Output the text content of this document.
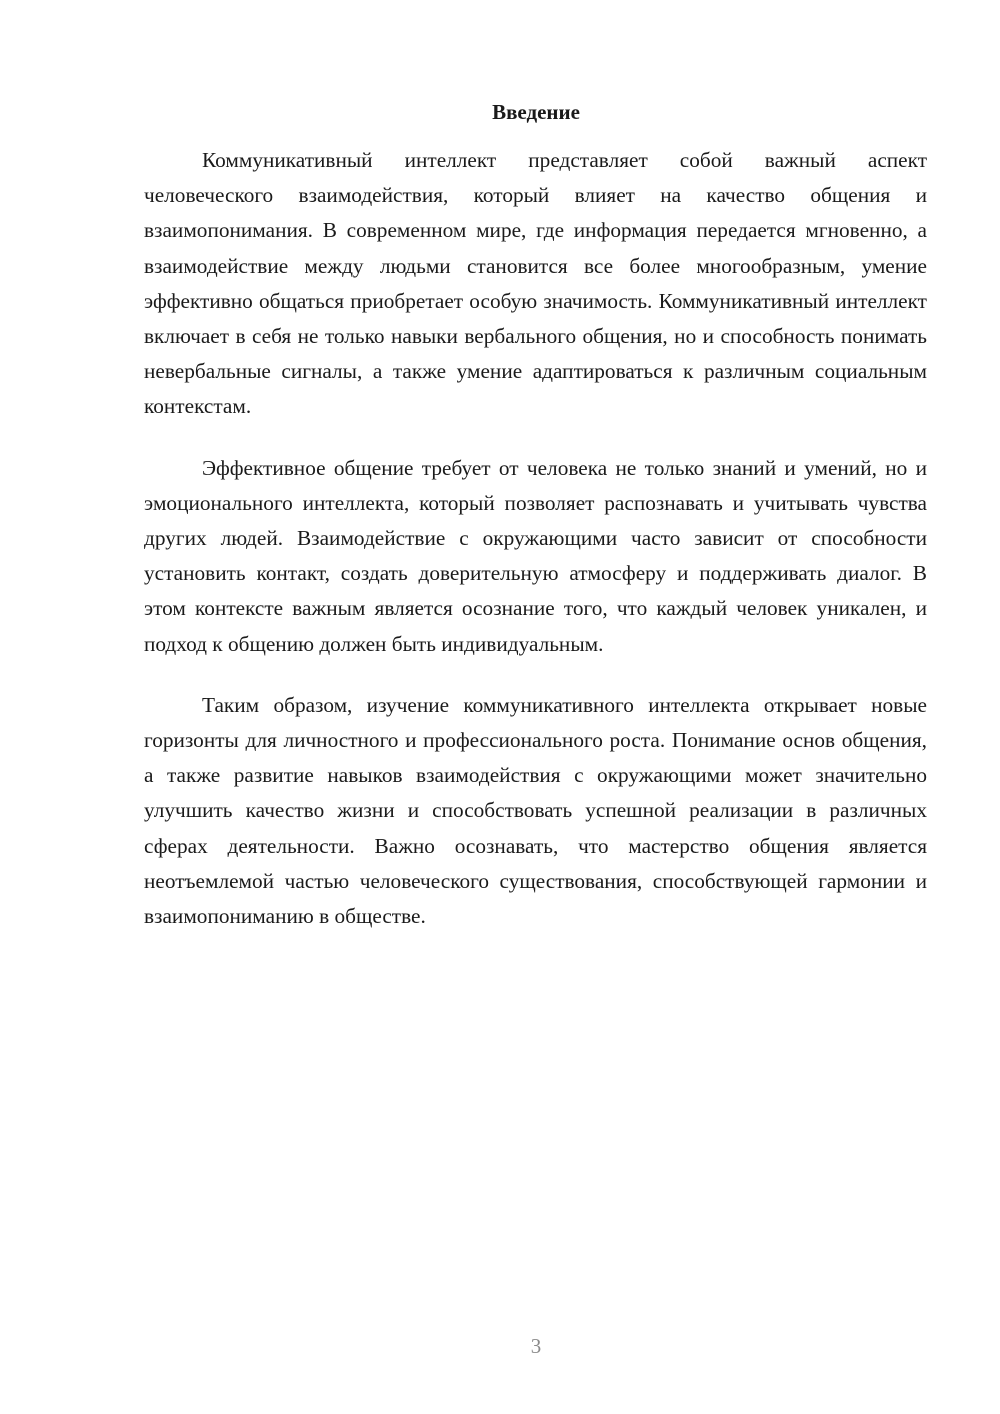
Введение

Коммуникативный интеллект представляет собой важный аспект человеческого взаимодействия, который влияет на качество общения и взаимопонимания. В современном мире, где информация передается мгновенно, а взаимодействие между людьми становится все более многообразным, умение эффективно общаться приобретает особую значимость. Коммуникативный интеллект включает в себя не только навыки вербального общения, но и способность понимать невербальные сигналы, а также умение адаптироваться к различным социальным контекстам.

Эффективное общение требует от человека не только знаний и умений, но и эмоционального интеллекта, который позволяет распознавать и учитывать чувства других людей. Взаимодействие с окружающими часто зависит от способности установить контакт, создать доверительную атмосферу и поддерживать диалог. В этом контексте важным является осознание того, что каждый человек уникален, и подход к общению должен быть индивидуальным.

Таким образом, изучение коммуникативного интеллекта открывает новые горизонты для личностного и профессионального роста. Понимание основ общения, а также развитие навыков взаимодействия с окружающими может значительно улучшить качество жизни и способствовать успешной реализации в различных сферах деятельности. Важно осознавать, что мастерство общения является неотъемлемой частью человеческого существования, способствующей гармонии и взаимопониманию в обществе.

3
